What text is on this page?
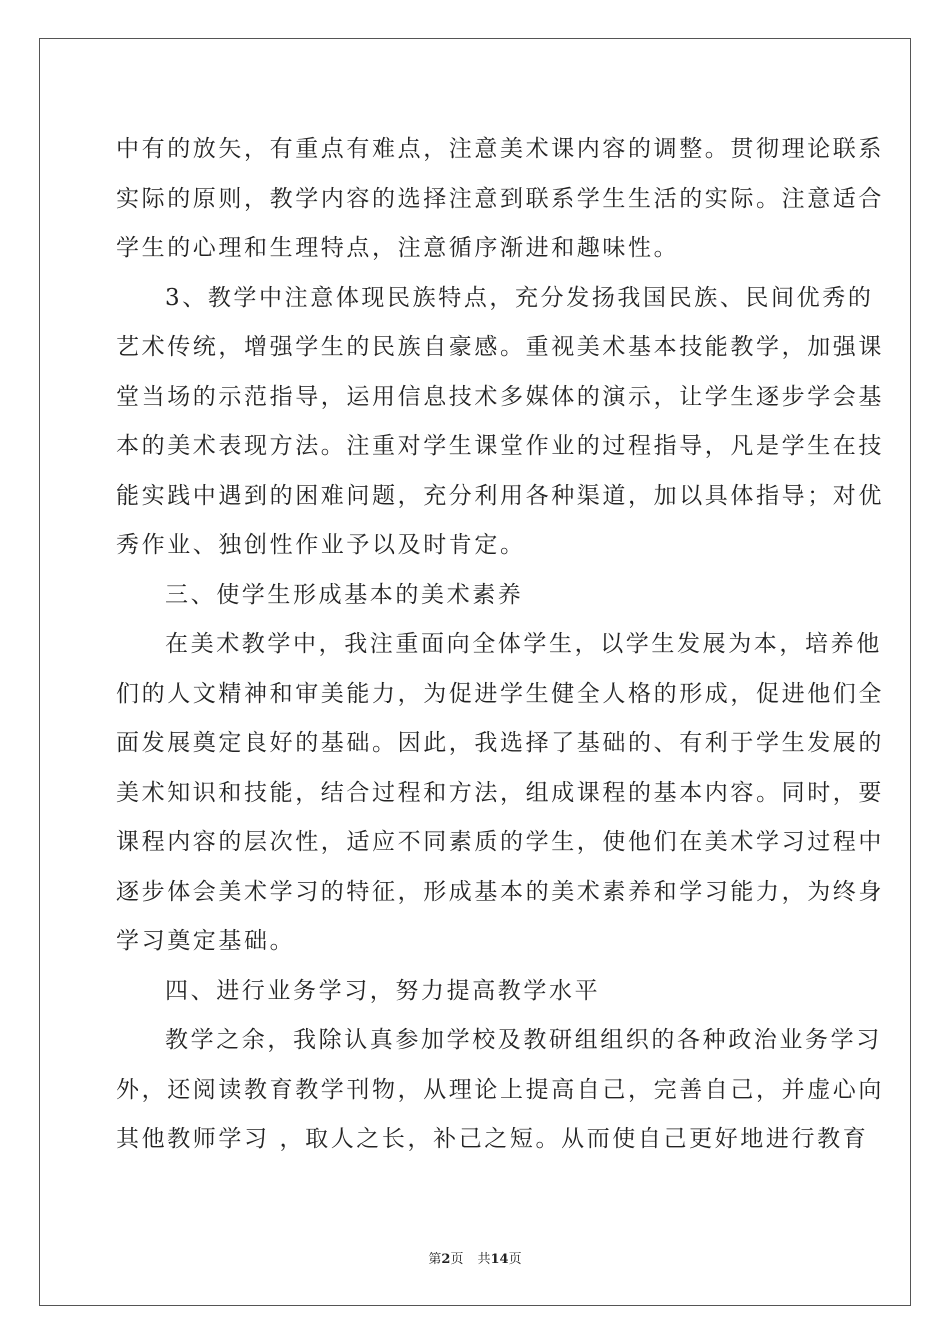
中有的放矢，有重点有难点，注意美术课内容的调整。贯彻理论联系
实际的原则，教学内容的选择注意到联系学生生活的实际。注意适合
学生的心理和生理特点，注意循序渐进和趣味性。
3、教学中注意体现民族特点，充分发扬我国民族、民间优秀的
艺术传统，增强学生的民族自豪感。重视美术基本技能教学，加强课
堂当场的示范指导，运用信息技术多媒体的演示，让学生逐步学会基
本的美术表现方法。注重对学生课堂作业的过程指导，凡是学生在技
能实践中遇到的困难问题，充分利用各种渠道，加以具体指导；对优
秀作业、独创性作业予以及时肯定。
三、使学生形成基本的美术素养
在美术教学中，我注重面向全体学生，以学生发展为本，培养他
们的人文精神和审美能力，为促进学生健全人格的形成，促进他们全
面发展奠定良好的基础。因此，我选择了基础的、有利于学生发展的
美术知识和技能，结合过程和方法，组成课程的基本内容。同时，要
课程内容的层次性，适应不同素质的学生，使他们在美术学习过程中
逐步体会美术学习的特征，形成基本的美术素养和学习能力，为终身
学习奠定基础。
四、进行业务学习，努力提高教学水平
教学之余，我除认真参加学校及教研组组织的各种政治业务学习
外，还阅读教育教学刊物，从理论上提高自己，完善自己，并虚心向
其他教师学习 ，取人之长，补己之短。从而使自己更好地进行教育
第2页 共14页
